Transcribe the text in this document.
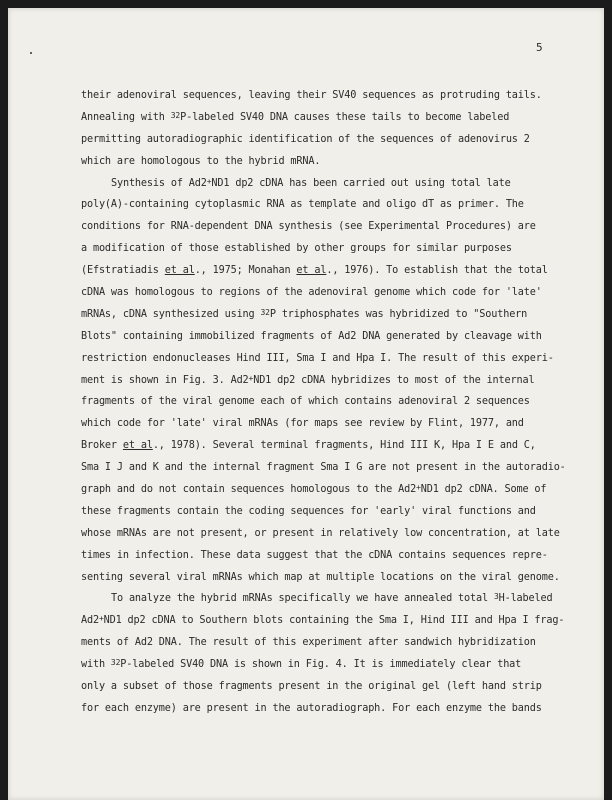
5
their adenoviral sequences, leaving their SV40 sequences as protruding tails.
Annealing with $^{32}$P-labeled SV40 DNA causes these tails to become labeled
permitting autoradiographic identification of the sequences of adenovirus 2
which are homologous to the hybrid mRNA.
Synthesis of Ad2+ND1 dp2 cDNA has been carried out using total late
poly(A)-containing cytoplasmic RNA as template and oligo dT as primer. The
conditions for RNA-dependent DNA synthesis (see Experimental Procedures) are
a modification of those established by other groups for similar purposes
(Efstratiadis et al., 1975; Monahan et al., 1976). To establish that the total
cDNA was homologous to regions of the adenoviral genome which code for 'late'
mRNAs, cDNA synthesized using $^{32}$P triphosphates was hybridized to "Southern
Blots" containing immobilized fragments of Ad2 DNA generated by cleavage with
restriction endonucleases Hind III, Sma I and Hpa I. The result of this experi-
ment is shown in Fig. 3. Ad2+ND1 dp2 cDNA hybridizes to most of the internal
fragments of the viral genome each of which contains adenoviral 2 sequences
which code for 'late' viral mRNAs (for maps see review by Flint, 1977, and
Broker et al., 1978). Several terminal fragments, Hind III K, Hpa I E and C,
Sma I J and K and the internal fragment Sma I G are not present in the autoradio-
graph and do not contain sequences homologous to the Ad2+ND1 dp2 cDNA. Some of
these fragments contain the coding sequences for 'early' viral functions and
whose mRNAs are not present, or present in relatively low concentration, at late
times in infection. These data suggest that the cDNA contains sequences repre-
senting several viral mRNAs which map at multiple locations on the viral genome.
To analyze the hybrid mRNAs specifically we have annealed total $^3$H-labeled
Ad2+ND1 dp2 cDNA to Southern blots containing the Sma I, Hind III and Hpa I frag-
ments of Ad2 DNA. The result of this experiment after sandwich hybridization
with $^{32}$P-labeled SV40 DNA is shown in Fig. 4. It is immediately clear that
only a subset of those fragments present in the original gel (left hand strip
for each enzyme) are present in the autoradiograph. For each enzyme the bands
